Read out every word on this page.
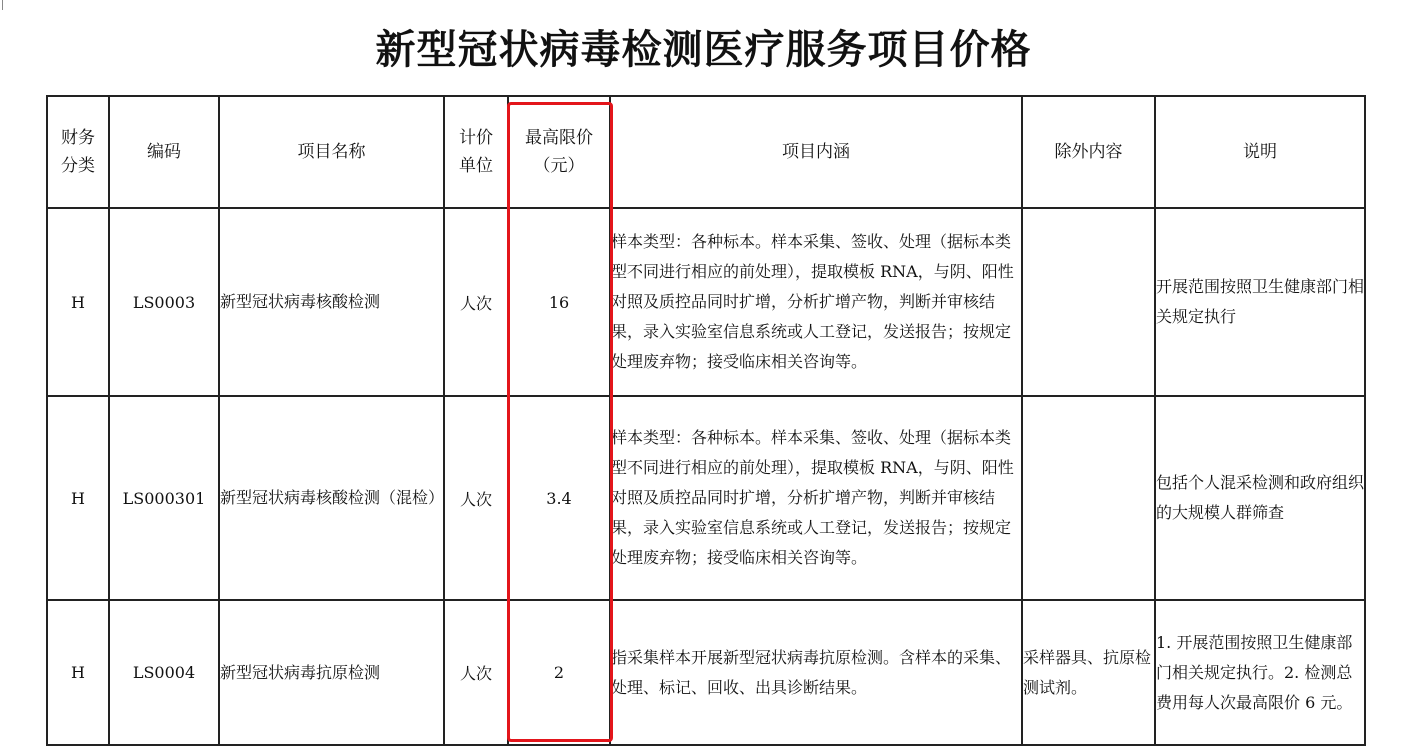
新型冠状病毒检测医疗服务项目价格
财务分类	编码	项目名称	计价单位	最高限价（元）	项目内涵	除外内容	说明
H	LS0003	新型冠状病毒核酸检测	人次	16	样本类型：各种标本。样本采集、签收、处理（据标本类型不同进行相应的前处理），提取模板 RNA，与阴、阳性对照及质控品同时扩增，分析扩增产物，判断并审核结果，录入实验室信息系统或人工登记，发送报告；按规定处理废弃物；接受临床相关咨询等。		开展范围按照卫生健康部门相关规定执行
H	LS000301	新型冠状病毒核酸检测（混检）	人次	3.4	样本类型：各种标本。样本采集、签收、处理（据标本类型不同进行相应的前处理），提取模板 RNA，与阴、阳性对照及质控品同时扩增，分析扩增产物，判断并审核结果，录入实验室信息系统或人工登记，发送报告；按规定处理废弃物；接受临床相关咨询等。		包括个人混采检测和政府组织的大规模人群筛查
H	LS0004	新型冠状病毒抗原检测	人次	2	指采集样本开展新型冠状病毒抗原检测。含样本的采集、处理、标记、回收、出具诊断结果。	采样器具、抗原检测试剂。	1. 开展范围按照卫生健康部门相关规定执行。2. 检测总费用每人次最高限价 6 元。
